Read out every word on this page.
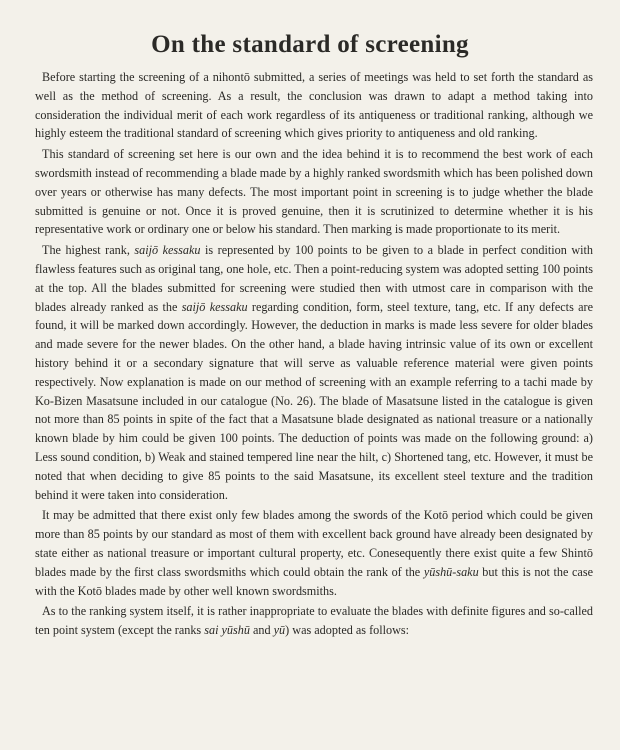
On the standard of screening

Before starting the screening of a nihontō submitted, a series of meetings was held to set forth the standard as well as the method of screening. As a result, the conclusion was drawn to adapt a method taking into consideration the individual merit of each work regardless of its antiqueness or traditional ranking, although we highly esteem the traditional standard of screening which gives priority to antiqueness and old ranking.

This standard of screening set here is our own and the idea behind it is to recommend the best work of each swordsmith instead of recommending a blade made by a highly ranked swordsmith which has been polished down over years or otherwise has many defects. The most important point in screening is to judge whether the blade submitted is genuine or not. Once it is proved genuine, then it is scrutinized to determine whether it is his representative work or ordinary one or below his standard. Then marking is made proportionate to its merit.

The highest rank, saijō kessaku is represented by 100 points to be given to a blade in perfect condition with flawless features such as original tang, one hole, etc. Then a point-reducing system was adopted setting 100 points at the top. All the blades submitted for screening were studied then with utmost care in comparison with the blades already ranked as the saijō kessaku regarding condition, form, steel texture, tang, etc. If any defects are found, it will be marked down accordingly. However, the deduction in marks is made less severe for older blades and made severe for the newer blades. On the other hand, a blade having intrinsic value of its own or excellent history behind it or a secondary signature that will serve as valuable reference material were given points respectively. Now explanation is made on our method of screening with an example referring to a tachi made by Ko-Bizen Masatsune included in our catalogue (No. 26). The blade of Masatsune listed in the catalogue is given not more than 85 points in spite of the fact that a Masatsune blade designated as national treasure or a nationally known blade by him could be given 100 points. The deduction of points was made on the following ground: a) Less sound condition, b) Weak and stained tempered line near the hilt, c) Shortened tang, etc. However, it must be noted that when deciding to give 85 points to the said Masatsune, its excellent steel texture and the tradition behind it were taken into consideration.

It may be admitted that there exist only few blades among the swords of the Kotō period which could be given more than 85 points by our standard as most of them with excellent back ground have already been designated by state either as national treasure or important cultural property, etc. Conesequently there exist quite a few Shintō blades made by the first class swordsmiths which could obtain the rank of the yūshū-saku but this is not the case with the Kotō blades made by other well known swordsmiths.

As to the ranking system itself, it is rather inappropriate to evaluate the blades with definite figures and so-called ten point system (except the ranks sai yūshū and yū) was adopted as follows:
